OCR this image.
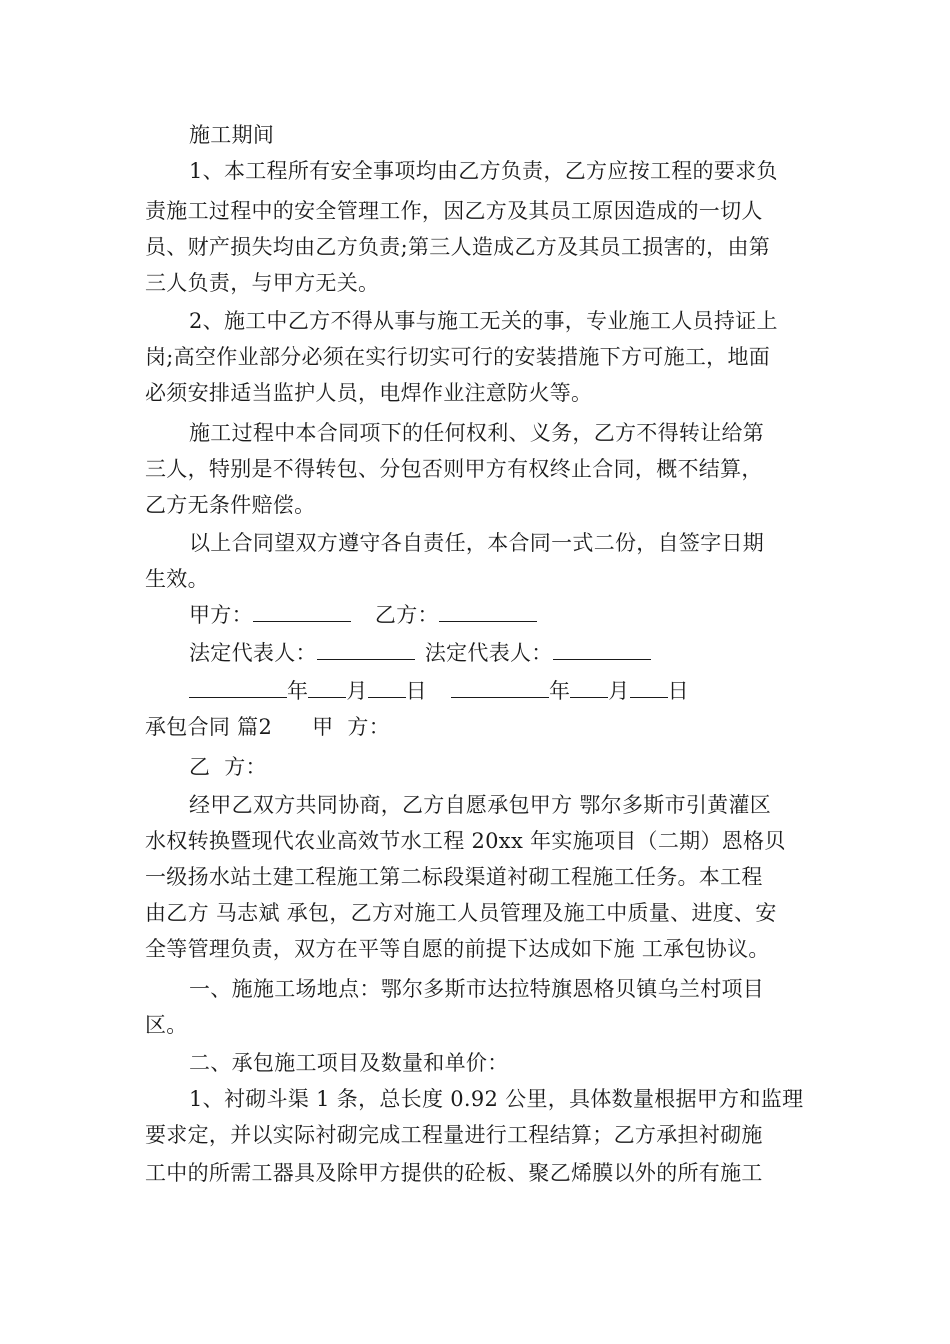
施工期间
1、本工程所有安全事项均由乙方负责，乙方应按工程的要求负
责施工过程中的安全管理工作，因乙方及其员工原因造成的一切人
员、财产损失均由乙方负责;第三人造成乙方及其员工损害的，由第
三人负责，与甲方无关。
2、施工中乙方不得从事与施工无关的事，专业施工人员持证上
岗;高空作业部分必须在实行切实可行的安装措施下方可施工，地面
必须安排适当监护人员，电焊作业注意防火等。
施工过程中本合同项下的任何权利、义务，乙方不得转让给第
三人，特别是不得转包、分包否则甲方有权终止合同，概不结算，
乙方无条件赔偿。
以上合同望双方遵守各自责任，本合同一式二份，自签字日期
生效。
甲方：	乙方：
法定代表人：	法定代表人：
年 月 日	年 月 日
承包合同 篇2 甲  方：
乙  方：
经甲乙双方共同协商，乙方自愿承包甲方 鄂尔多斯市引黄灌区
水权转换暨现代农业高效节水工程 20xx 年实施项目（二期）恩格贝
一级扬水站土建工程施工第二标段渠道衬砌工程施工任务。本工程
由乙方 马志斌 承包，乙方对施工人员管理及施工中质量、进度、安
全等管理负责，双方在平等自愿的前提下达成如下施 工承包协议。
一、施施工场地点：鄂尔多斯市达拉特旗恩格贝镇乌兰村项目
区。
二、承包施工项目及数量和单价：
1、衬砌斗渠 1 条，总长度 0.92 公里，具体数量根据甲方和监理
要求定，并以实际衬砌完成工程量进行工程结算；乙方承担衬砌施
工中的所需工器具及除甲方提供的砼板、聚乙烯膜以外的所有施工
